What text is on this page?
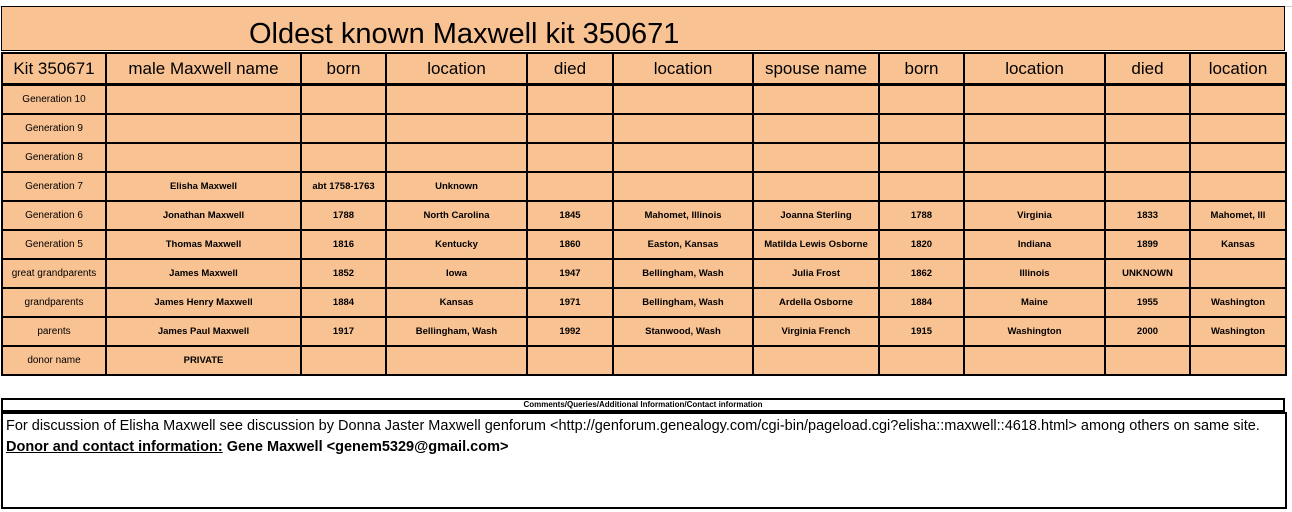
Oldest known Maxwell kit 350671
Kit 350671	male Maxwell name	born	location	died	location	spouse name	born	location	died	location
Generation 10										
Generation 9										
Generation 8										
Generation 7	Elisha Maxwell	abt 1758-1763	Unknown							
Generation 6	Jonathan Maxwell	1788	North Carolina	1845	Mahomet, Illinois	Joanna Sterling	1788	Virginia	1833	Mahomet, Ill
Generation 5	Thomas Maxwell	1816	Kentucky	1860	Easton, Kansas	Matilda Lewis Osborne	1820	Indiana	1899	Kansas
great grandparents	James Maxwell	1852	Iowa	1947	Bellingham, Wash	Julia Frost	1862	Illinois	UNKNOWN	
grandparents	James Henry Maxwell	1884	Kansas	1971	Bellingham, Wash	Ardella Osborne	1884	Maine	1955	Washington
parents	James Paul Maxwell	1917	Bellingham, Wash	1992	Stanwood, Wash	Virginia French	1915	Washington	2000	Washington
donor name	PRIVATE									
Comments/Queries/Additional Information/Contact information
For discussion of Elisha Maxwell see discussion by Donna Jaster Maxwell genforum <http://genforum.genealogy.com/cgi-bin/pageload.cgi?elisha::maxwell::4618.html> among others on same site. Donor and contact information: Gene Maxwell <genem5329@gmail.com>
